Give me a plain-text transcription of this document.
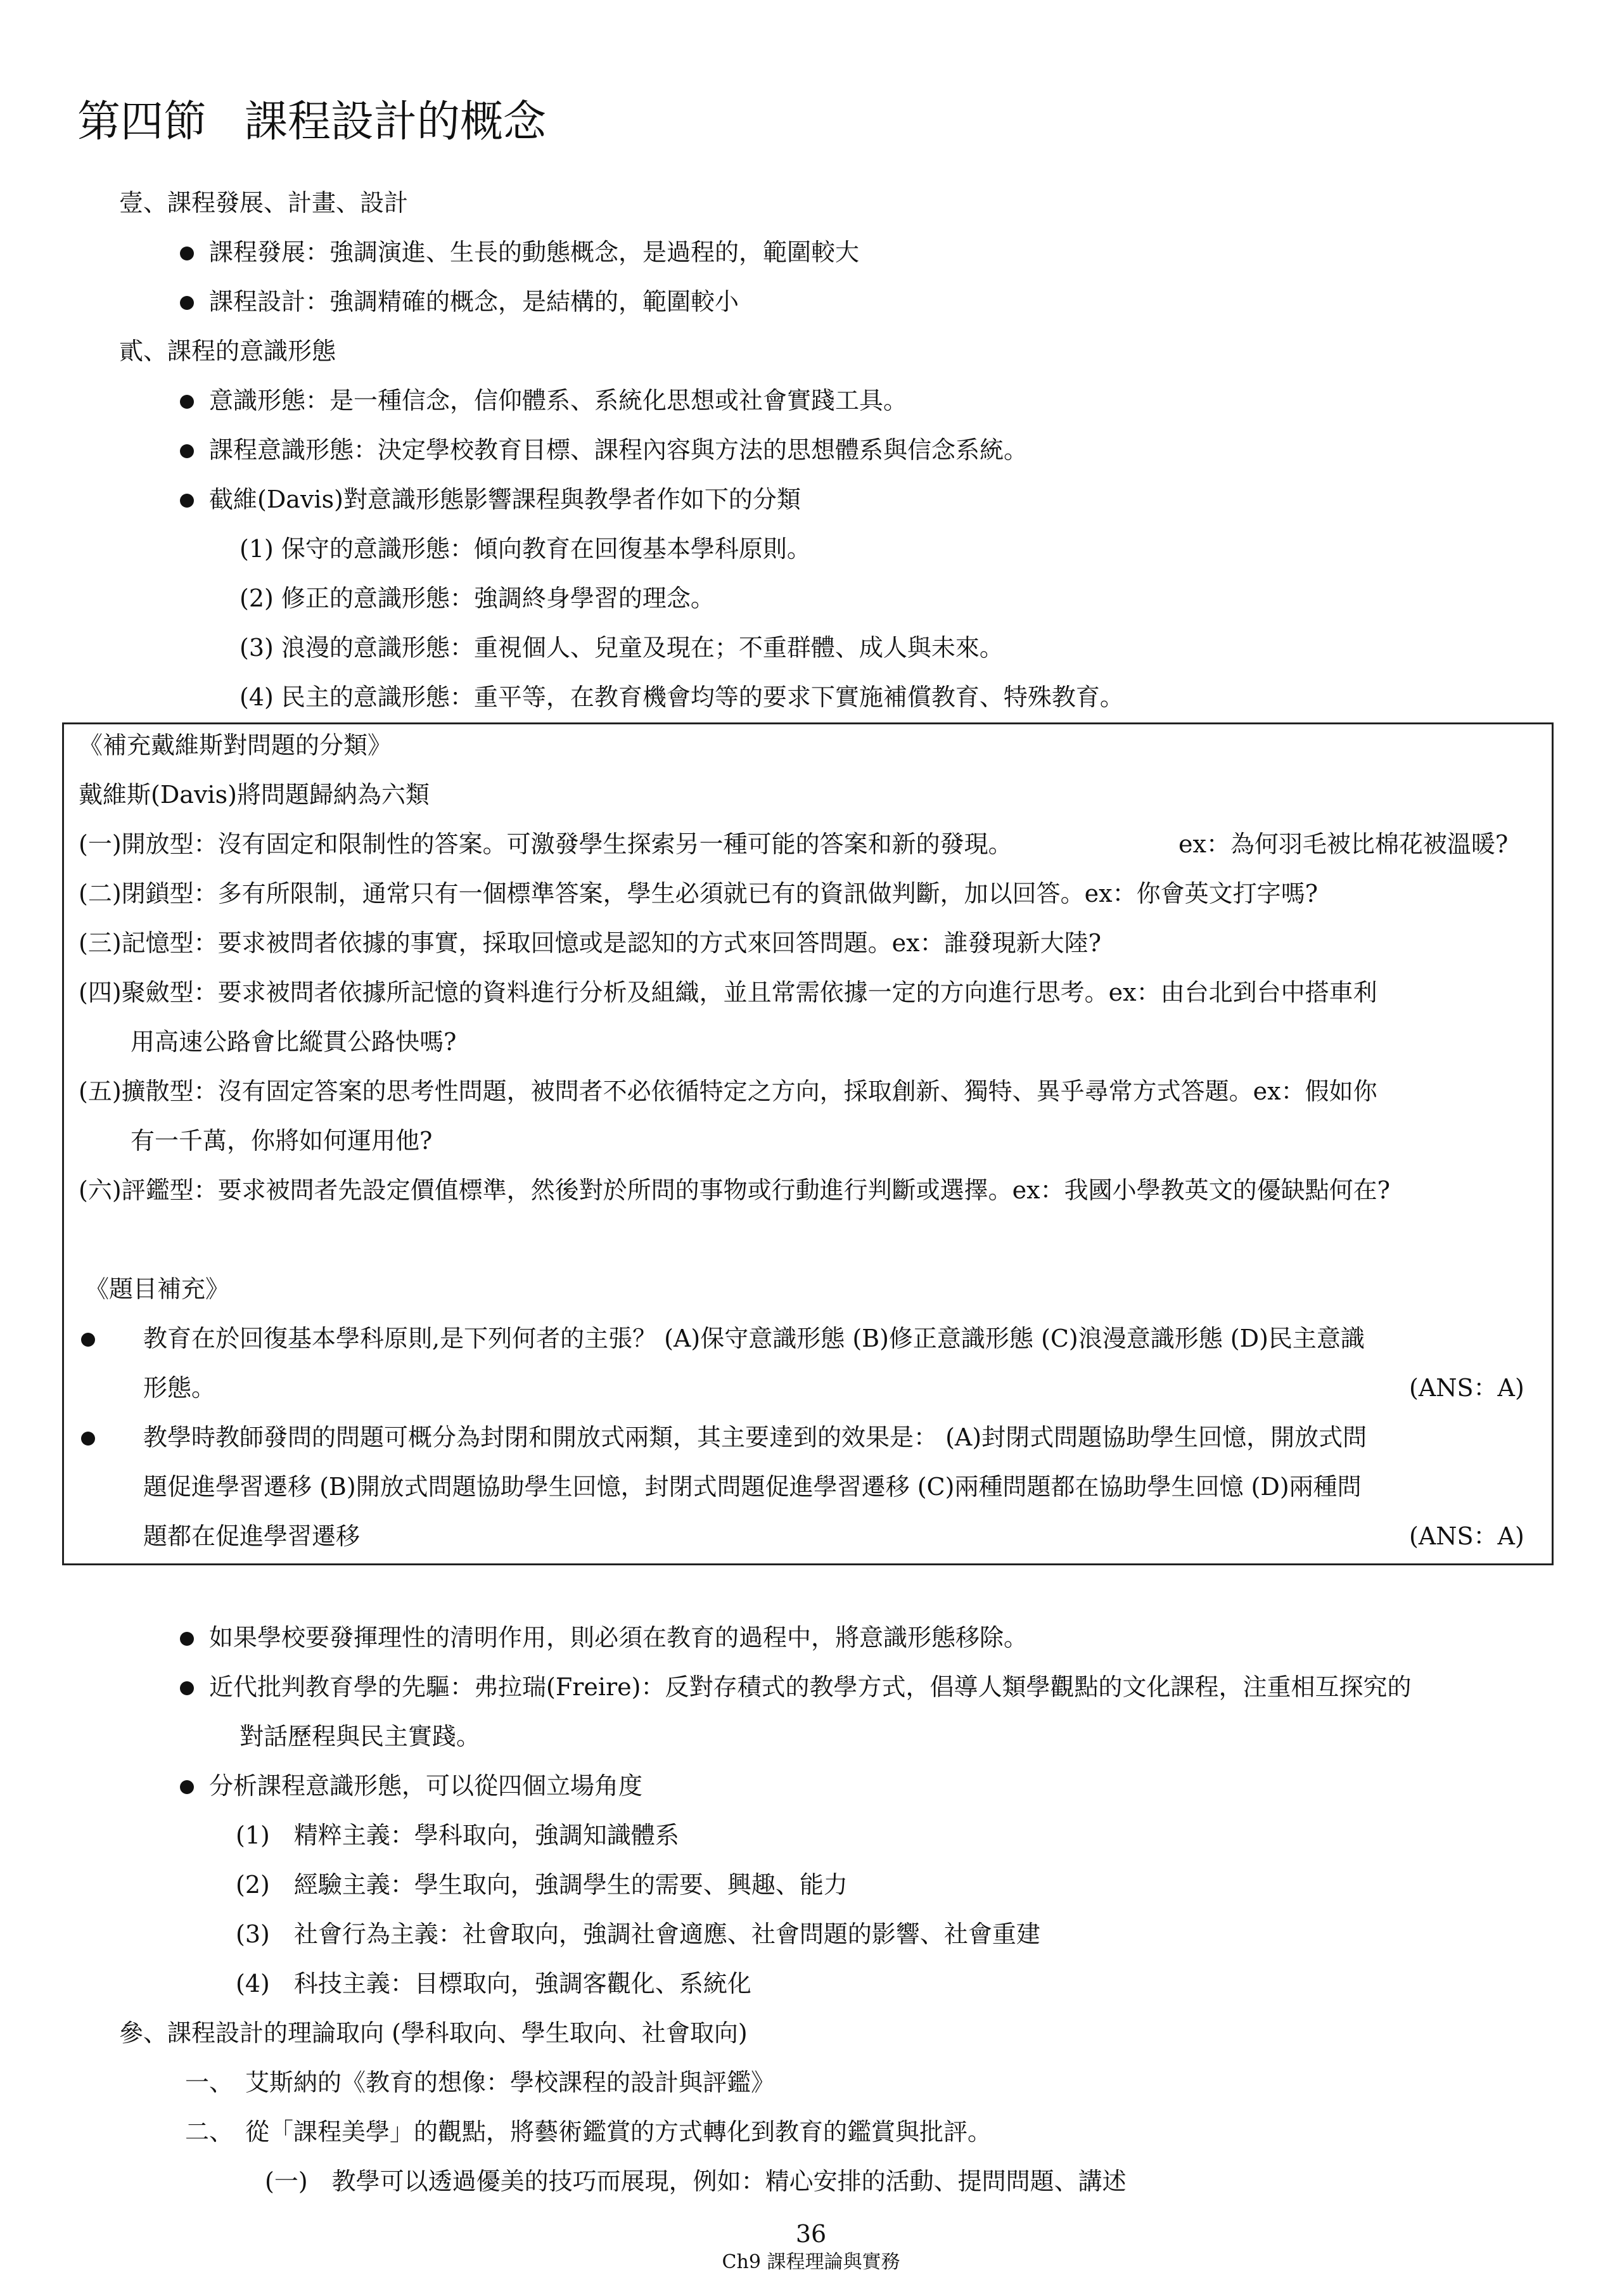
第四節 課程設計的概念
壹、課程發展、計畫、設計
課程發展：強調演進、生長的動態概念，是過程的，範圍較大
課程設計：強調精確的概念，是結構的，範圍較小
貳、課程的意識形態
意識形態：是一種信念，信仰體系、系統化思想或社會實踐工具。
課程意識形態：決定學校教育目標、課程內容與方法的思想體系與信念系統。
截維(Davis)對意識形態影響課程與教學者作如下的分類
(1) 保守的意識形態：傾向教育在回復基本學科原則。
(2) 修正的意識形態：強調終身學習的理念。
(3) 浪漫的意識形態：重視個人、兒童及現在；不重群體、成人與未來。
(4) 民主的意識形態：重平等，在教育機會均等的要求下實施補償教育、特殊教育。
《補充戴維斯對問題的分類》
戴維斯(Davis)將問題歸納為六類
(一)開放型：沒有固定和限制性的答案。可激發學生探索另一種可能的答案和新的發現。	ex：為何羽毛被比棉花被溫暖?
(二)閉鎖型：多有所限制，通常只有一個標準答案，學生必須就已有的資訊做判斷，加以回答。ex：你會英文打字嗎?
(三)記憶型：要求被問者依據的事實，採取回憶或是認知的方式來回答問題。ex：誰發現新大陸?
(四)聚斂型：要求被問者依據所記憶的資料進行分析及組織，並且常需依據一定的方向進行思考。ex：由台北到台中搭車利
用高速公路會比縱貫公路快嗎?
(五)擴散型：沒有固定答案的思考性問題，被問者不必依循特定之方向，採取創新、獨特、異乎尋常方式答題。ex：假如你
有一千萬，你將如何運用他?
(六)評鑑型：要求被問者先設定價值標準，然後對於所問的事物或行動進行判斷或選擇。ex：我國小學教英文的優缺點何在?
《題目補充》
教育在於回復基本學科原則,是下列何者的主張？ (A)保守意識形態 (B)修正意識形態 (C)浪漫意識形態 (D)民主意識
形態。	(ANS：A)
教學時教師發問的問題可概分為封閉和開放式兩類，其主要達到的效果是： (A)封閉式問題協助學生回憶，開放式問
題促進學習遷移 (B)開放式問題協助學生回憶，封閉式問題促進學習遷移 (C)兩種問題都在協助學生回憶 (D)兩種問
題都在促進學習遷移	(ANS：A)
如果學校要發揮理性的清明作用，則必須在教育的過程中，將意識形態移除。
近代批判教育學的先驅：弗拉瑞(Freire)：反對存積式的教學方式，倡導人類學觀點的文化課程，注重相互探究的
對話歷程與民主實踐。
分析課程意識形態，可以從四個立場角度
(1)　精粹主義：學科取向，強調知識體系
(2)　經驗主義：學生取向，強調學生的需要、興趣、能力
(3)　社會行為主義：社會取向，強調社會適應、社會問題的影響、社會重建
(4)　科技主義：目標取向，強調客觀化、系統化
參、課程設計的理論取向 (學科取向、學生取向、社會取向)
一、　艾斯納的《教育的想像：學校課程的設計與評鑑》
二、　從「課程美學」的觀點，將藝術鑑賞的方式轉化到教育的鑑賞與批評。
(一)　教學可以透過優美的技巧而展現，例如：精心安排的活動、提問問題、講述
36
Ch9 課程理論與實務
